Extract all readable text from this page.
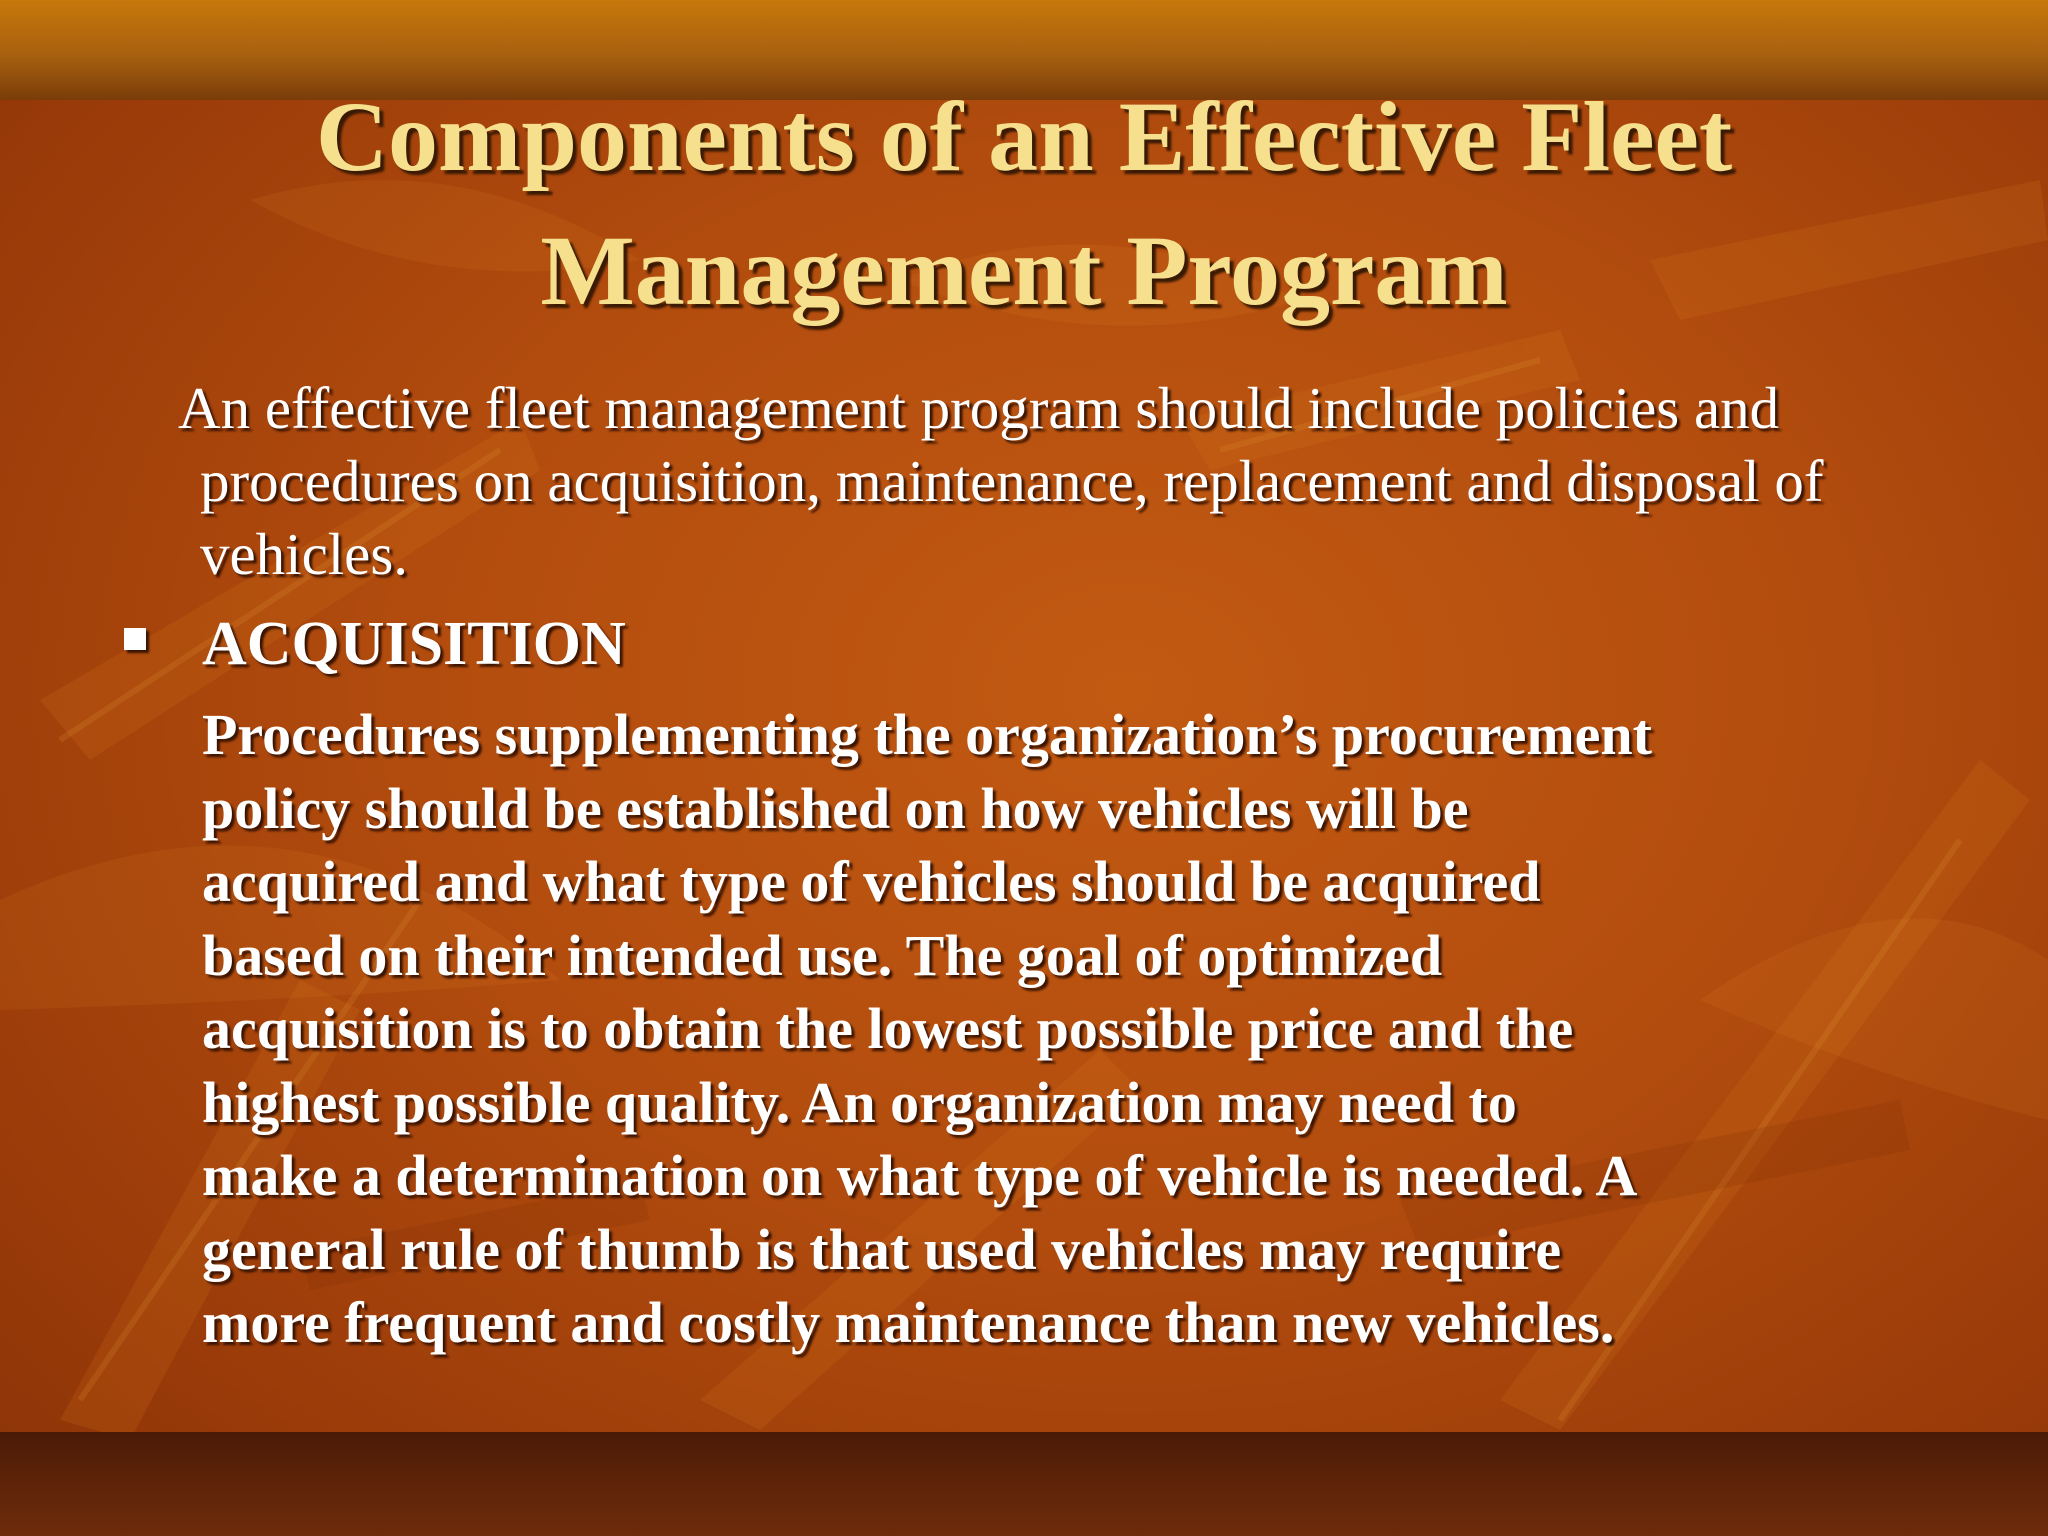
Components of an Effective Fleet
Management Program

An effective fleet management program should include policies and procedures on acquisition, maintenance, replacement and disposal of vehicles.

ACQUISITION

Procedures supplementing the organization’s procurement
policy should be established on how vehicles will be
acquired and what type of vehicles should be acquired
based on their intended use. The goal of optimized
acquisition is to obtain the lowest possible price and the
highest possible quality. An organization may need to
make a determination on what type of vehicle is needed. A
general rule of thumb is that used vehicles may require
more frequent and costly maintenance than new vehicles.
